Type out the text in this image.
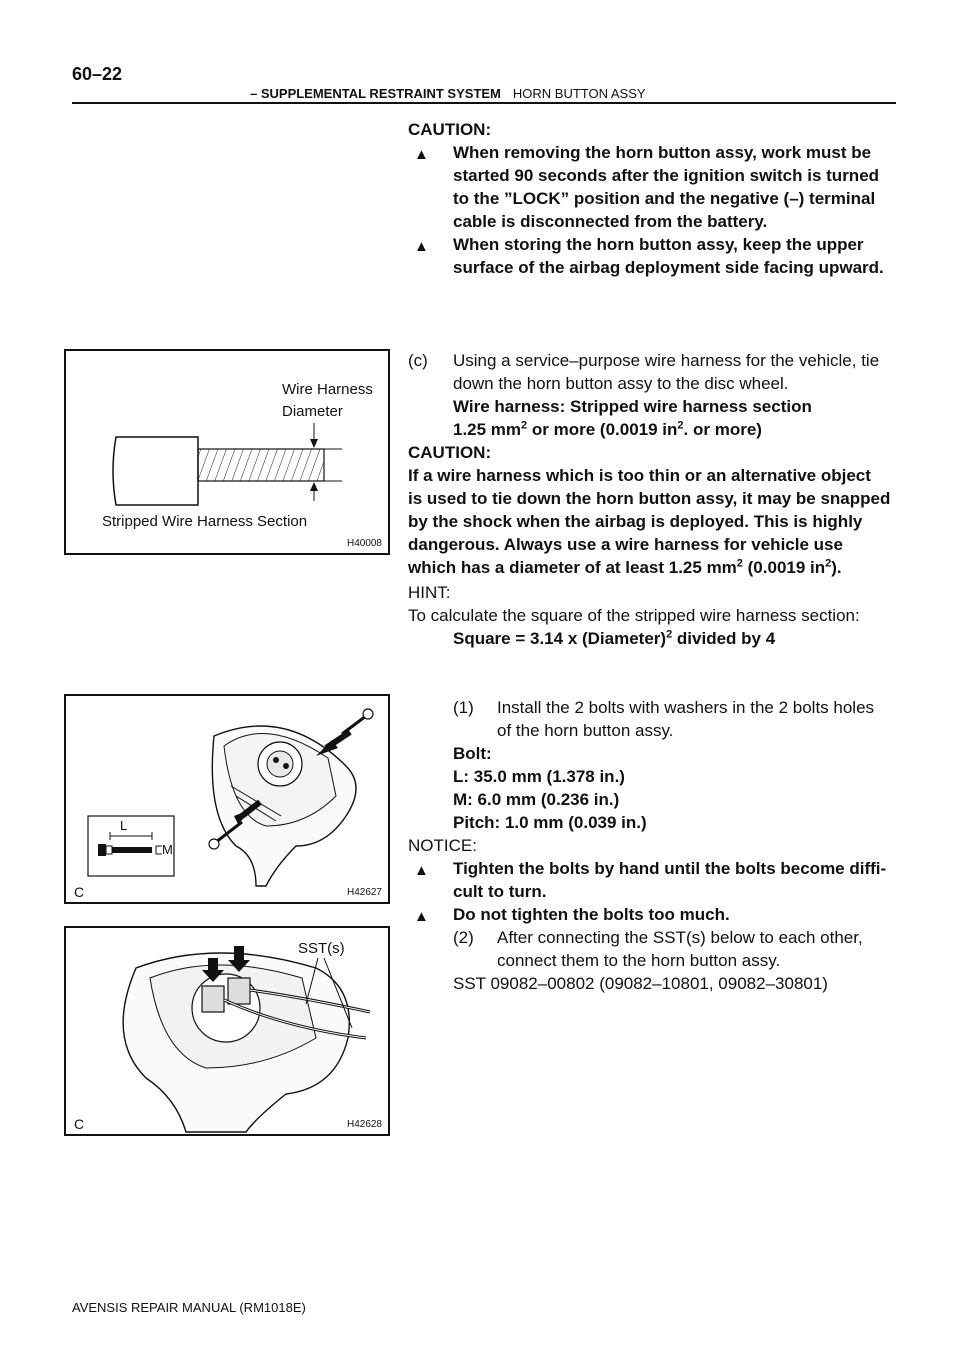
60–22
– SUPPLEMENTAL RESTRAINT SYSTEM HORN BUTTON ASSY
CAUTION:
▲ When removing the horn button assy, work must be
started 90 seconds after the ignition switch is turned
to the ”LOCK” position and the negative (–) terminal
cable is disconnected from the battery.
▲ When storing the horn button assy, keep the upper
surface of the airbag deployment side facing upward.
(c) Using a service–purpose wire harness for the vehicle, tie
down the horn button assy to the disc wheel.
Wire harness: Stripped wire harness section
1.25 $mm^2$ or more (0.0019 $in^2$. or more)
CAUTION:
If a wire harness which is too thin or an alternative object
is used to tie down the horn button assy, it may be snapped
by the shock when the airbag is deployed. This is highly
dangerous. Always use a wire harness for vehicle use
which has a diameter of at least 1.25 $mm^2$ (0.0019 $in^2$).
HINT:
To calculate the square of the stripped wire harness section:
Square = 3.14 x (Diameter)$^2$ divided by 4
(1) Install the 2 bolts with washers in the 2 bolts holes
of the horn button assy.
Bolt:
L: 35.0 mm (1.378 in.)
M: 6.0 mm (0.236 in.)
Pitch: 1.0 mm (0.039 in.)
NOTICE:
▲ Tighten the bolts by hand until the bolts become diffi-
cult to turn.
▲ Do not tighten the bolts too much.
(2) After connecting the SST(s) below to each other,
connect them to the horn button assy.
SST 09082–00802 (09082–10801, 09082–30801)
Wire Harness
Diameter
Stripped Wire Harness Section
H40008
L
M
C	H42627
SST(s)
C	H42628
AVENSIS REPAIR MANUAL (RM1018E)
